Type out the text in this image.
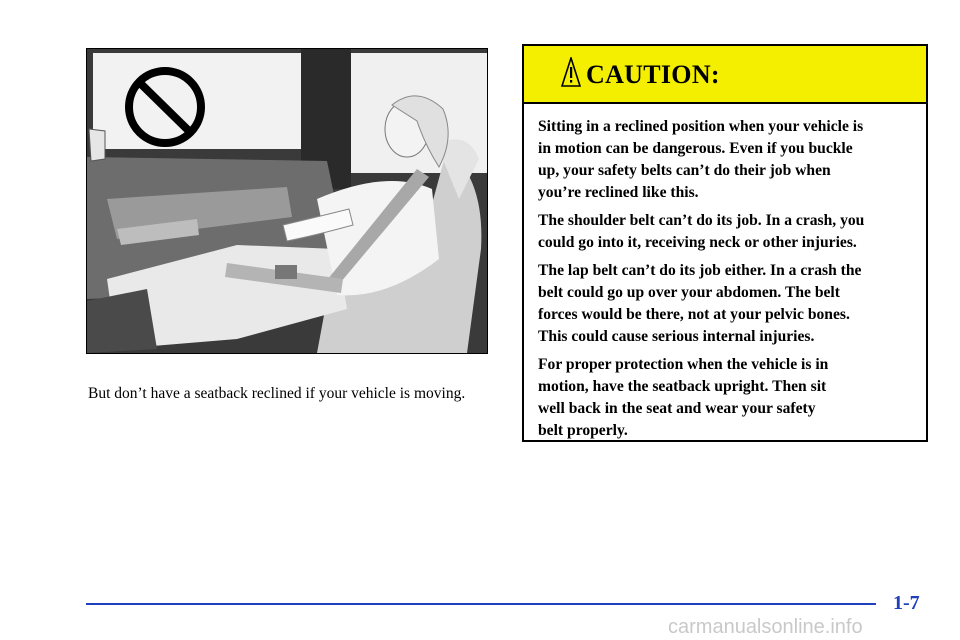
But don’t have a seatback reclined if your vehicle is moving.
CAUTION:

Sitting in a reclined position when your vehicle is
in motion can be dangerous. Even if you buckle
up, your safety belts can’t do their job when
you’re reclined like this.

The shoulder belt can’t do its job. In a crash, you
could go into it, receiving neck or other injuries.

The lap belt can’t do its job either. In a crash the
belt could go up over your abdomen. The belt
forces would be there, not at your pelvic bones.
This could cause serious internal injuries.

For proper protection when the vehicle is in
motion, have the seatback upright. Then sit
well back in the seat and wear your safety
belt properly.

1-7
carmanualsonline.info
